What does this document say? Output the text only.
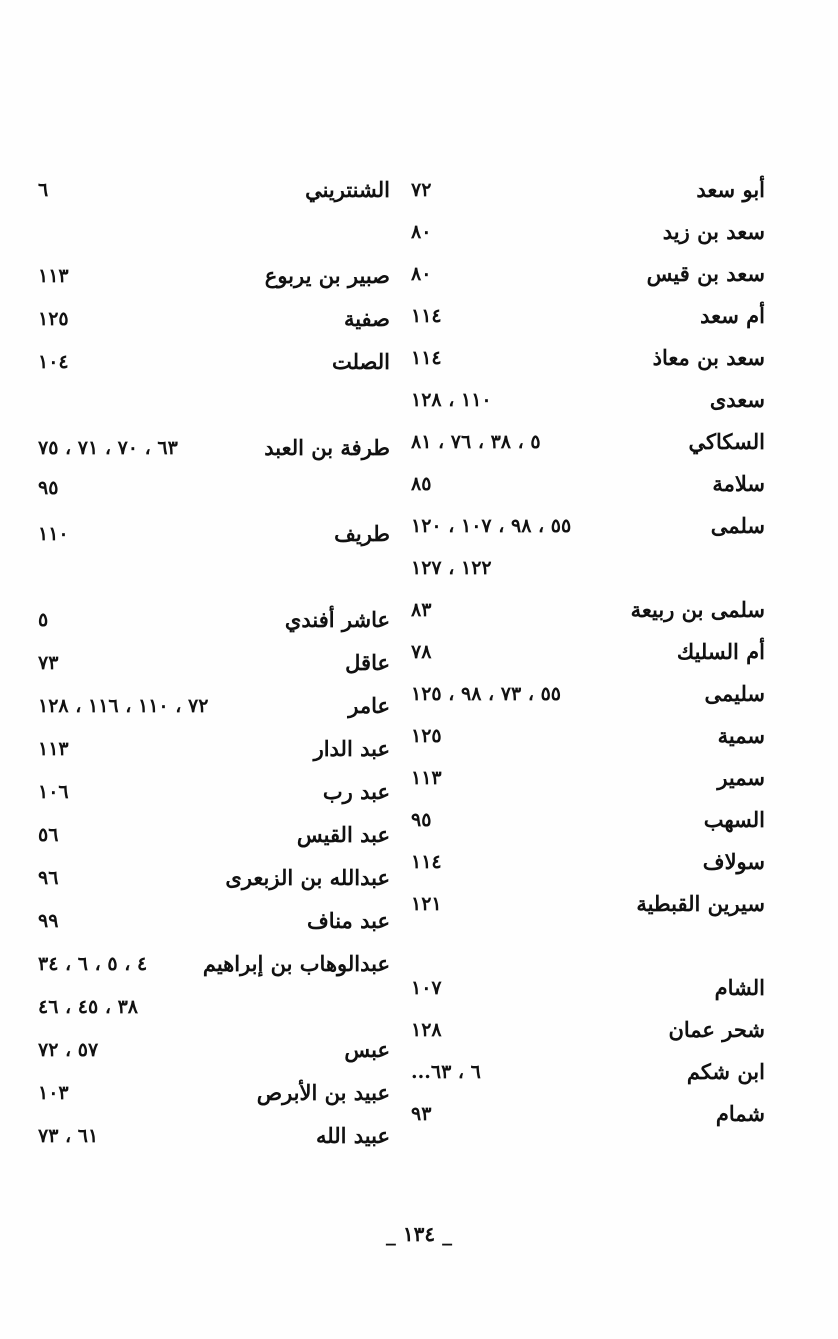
أبو سعد
٧٢
سعد بن زيد
٨٠
سعد بن قيس
٨٠
أم سعد
١١٤
سعد بن معاذ
١١٤
سعدى
١١٠ ، ١٢٨
السكاكي
٥ ، ٣٨ ، ٧٦ ، ٨١
سلامة
٨٥
سلمى
٥٥ ، ٩٨ ، ١٠٧ ، ١٢٠
١٢٢ ، ١٢٧
سلمى بن ربيعة
٨٣
أم السليك
٧٨
سليمى
٥٥ ، ٧٣ ، ٩٨ ، ١٢٥
سمية
١٢٥
سمير
١١٣
السهب
٩٥
سولاف
١١٤
سيرين القبطية
١٢١
الشام
١٠٧
شحر عمان
١٢٨
ابن شكم
٦ ، ٦٣...
شمام
٩٣
الشنتريني
٦
صبير بن يربوع
١١٣
صفية
١٢٥
الصلت
١٠٤
طرفة بن العبد
٦٣ ، ٧٠ ، ٧١ ، ٧٥
٩٥
طريف
١١٠
عاشر أفندي
٥
عاقل
٧٣
عامر
٧٢ ، ١١٠ ، ١١٦ ، ١٢٨
عبد الدار
١١٣
عبد رب
١٠٦
عبد القيس
٥٦
عبدالله بن الزبعرى
٩٦
عبد مناف
٩٩
عبدالوهاب بن إبراهيم
٤ ، ٥ ، ٦ ، ٣٤
٣٨ ، ٤٥ ، ٤٦
عبس
٥٧ ، ٧٢
عبيد بن الأبرص
١٠٣
عبيد الله
٦١ ، ٧٣
_ ١٣٤ _
